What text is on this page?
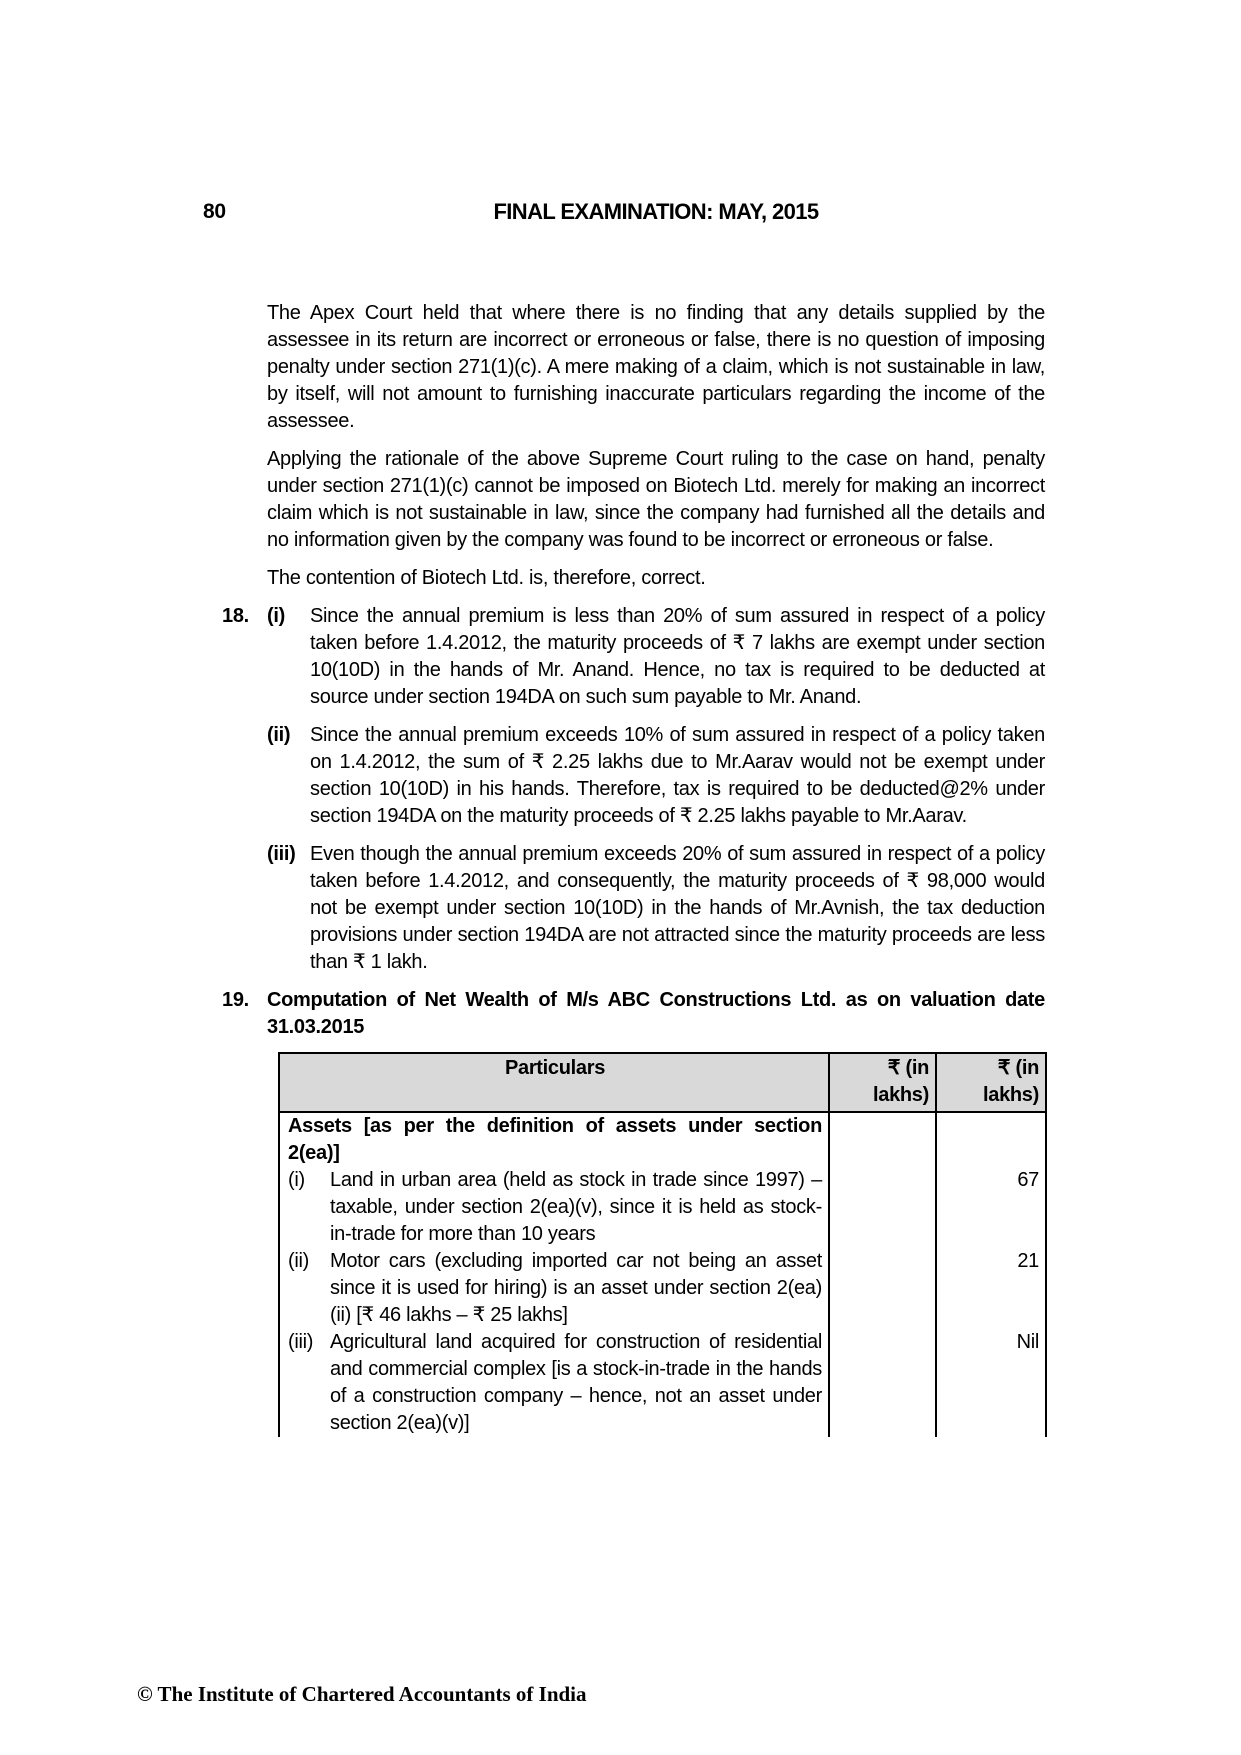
80	FINAL EXAMINATION: MAY, 2015

The Apex Court held that where there is no finding that any details supplied by the assessee in its return are incorrect or erroneous or false, there is no question of imposing penalty under section 271(1)(c). A mere making of a claim, which is not sustainable in law, by itself, will not amount to furnishing inaccurate particulars regarding the income of the assessee.

Applying the rationale of the above Supreme Court ruling to the case on hand, penalty under section 271(1)(c) cannot be imposed on Biotech Ltd. merely for making an incorrect claim which is not sustainable in law, since the company had furnished all the details and no information given by the company was found to be incorrect or erroneous or false.

The contention of Biotech Ltd. is, therefore, correct.

18. (i)	Since the annual premium is less than 20% of sum assured in respect of a policy taken before 1.4.2012, the maturity proceeds of ₹ 7 lakhs are exempt under section 10(10D) in the hands of Mr. Anand. Hence, no tax is required to be deducted at source under section 194DA on such sum payable to Mr. Anand.
(ii) Since the annual premium exceeds 10% of sum assured in respect of a policy taken on 1.4.2012, the sum of ₹ 2.25 lakhs due to Mr.Aarav would not be exempt under section 10(10D) in his hands. Therefore, tax is required to be deducted@2% under section 194DA on the maturity proceeds of ₹ 2.25 lakhs payable to Mr.Aarav.
(iii) Even though the annual premium exceeds 20% of sum assured in respect of a policy taken before 1.4.2012, and consequently, the maturity proceeds of ₹ 98,000 would not be exempt under section 10(10D) in the hands of Mr.Avnish, the tax deduction provisions under section 194DA are not attracted since the maturity proceeds are less than ₹ 1 lakh.
19. Computation of Net Wealth of M/s ABC Constructions Ltd. as on valuation date 31.03.2015

Particulars	₹ (in lakhs)	₹ (in lakhs)

Assets [as per the definition of assets under section 2(ea)]		

(i) Land in urban area (held as stock in trade since 1997) – taxable, under section 2(ea)(v), since it is held as stock-in-trade for more than 10 years		67

(ii) Motor cars (excluding imported car not being an asset since it is used for hiring) is an asset under section 2(ea)(ii) [₹ 46 lakhs – ₹ 25 lakhs]		21

(iii) Agricultural land acquired for construction of residential and commercial complex [is a stock-in-trade in the hands of a construction company – hence, not an asset under section 2(ea)(v)]		Nil
© The Institute of Chartered Accountants of India
